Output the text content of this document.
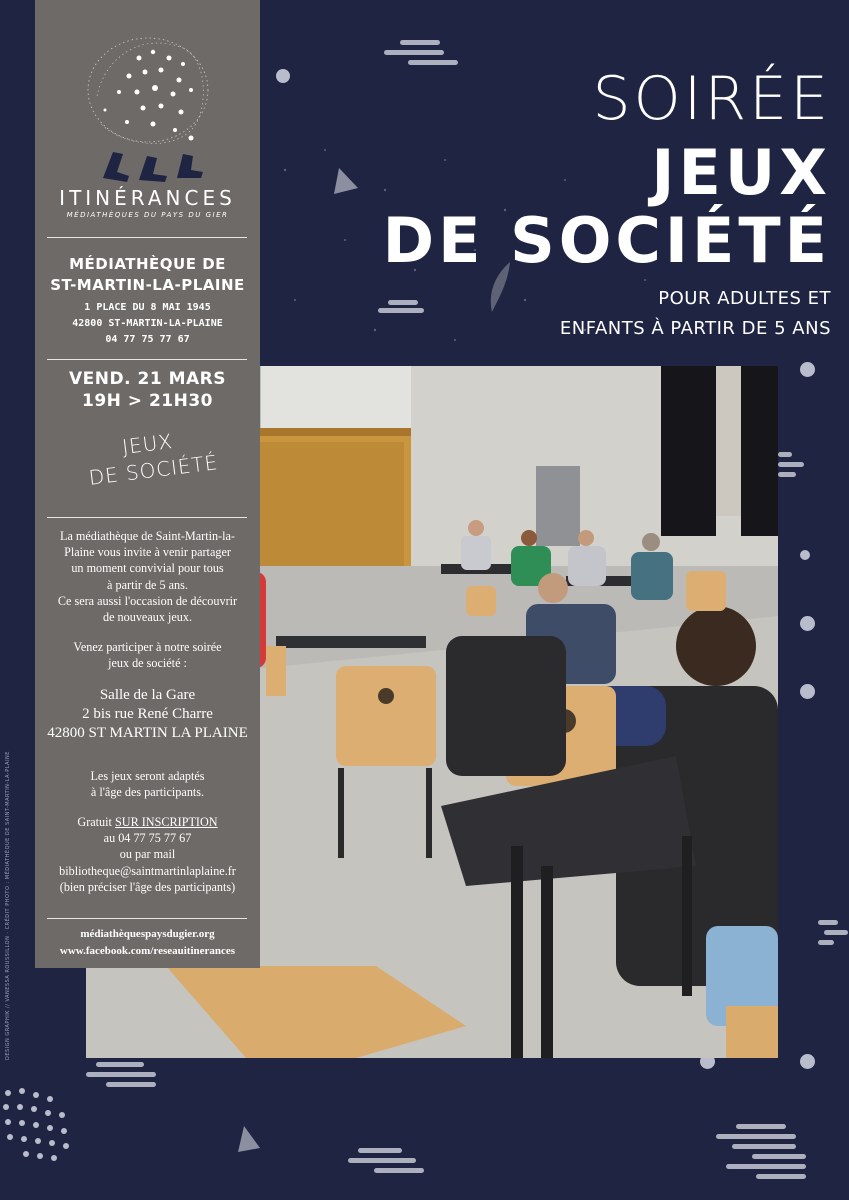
SOIRÉE
JEUX
DE SOCIÉTÉ
POUR ADULTES ET
ENFANTS À PARTIR DE 5 ANS
ITINÉRANCES
MÉDIATHÈQUES DU PAYS DU GIER
MÉDIATHÈQUE DE
ST-MARTIN-LA-PLAINE
1 PLACE DU 8 MAI 1945
42800 ST-MARTIN-LA-PLAINE
04 77 75 77 67
VEND. 21 MARS
19H > 21H30
JEUX
DE SOCIÉTÉ
La médiathèque de Saint-Martin-la-
Plaine vous invite à venir partager
un moment convivial pour tous
à partir de 5 ans.
Ce sera aussi l'occasion de découvrir
de nouveaux jeux.
Venez participer à notre soirée
jeux de société :
Salle de la Gare
2 bis rue René Charre
42800 ST MARTIN LA PLAINE
Les jeux seront adaptés
à l'âge des participants.
Gratuit SUR INSCRIPTION
au 04 77 75 77 67
ou par mail
bibliotheque@saintmartinlaplaine.fr
(bien préciser l'âge des participants)
médiathèquespaysdugier.org
www.facebook.com/reseauitinerances
DESIGN GRAPHIK // VANESSA ROUSSILLON · CRÉDIT PHOTO : MÉDIATHÈQUE DE SAINT-MARTIN-LA-PLAINE
